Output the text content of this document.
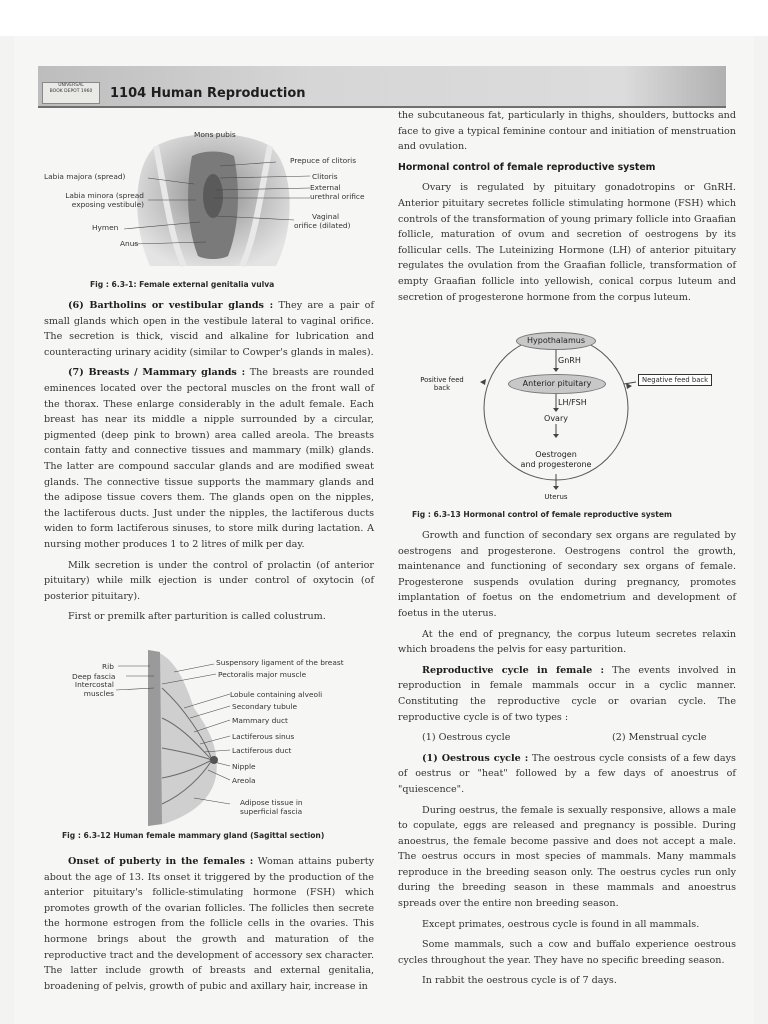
UNIVERSAL
BOOK DEPOT 1960	1104 Human Reproduction
Mons pubis
Labia majora (spread)
Labia minora (spread
exposing vestibule)
Hymen
Anus
Prepuce of clitoris
Clitoris
External
urethral orifice
Vaginal
orifice (dilated)
Fig : 6.3-1: Female external genitalia vulva

(6) Bartholins or vestibular glands : They are a pair of small glands which open in the vestibule lateral to vaginal orifice. The secretion is thick, viscid and alkaline for lubrication and counteracting urinary acidity (similar to Cowper's glands in males).

(7) Breasts / Mammary glands : The breasts are rounded eminences located over the pectoral muscles on the front wall of the thorax. These enlarge considerably in the adult female. Each breast has near its middle a nipple surrounded by a circular, pigmented (deep pink to brown) area called areola. The breasts contain fatty and connective tissues and mammary (milk) glands. The latter are compound saccular glands and are modified sweat glands. The connective tissue supports the mammary glands and the adipose tissue covers them. The glands open on the nipples, the lactiferous ducts. Just under the nipples, the lactiferous ducts widen to form lactiferous sinuses, to store milk during lactation. A nursing mother produces 1 to 2 litres of milk per day.

Milk secretion is under the control of prolactin (of anterior pituitary) while milk ejection is under control of oxytocin (of posterior pituitary).

First or premilk after parturition is called colustrum.

Rib
Deep fascia
Intercostal
muscles
Suspensory ligament of the breast
Pectoralis major muscle
Lobule containing alveoli
Secondary tubule
Mammary duct
Lactiferous sinus
Lactiferous duct
Nipple
Areola
Adipose tissue in
superficial fascia
Fig : 6.3-12 Human female mammary gland (Sagittal section)

Onset of puberty in the females : Woman attains puberty about the age of 13. Its onset it triggered by the production of the anterior pituitary's follicle-stimulating hormone (FSH) which promotes growth of the ovarian follicles. The follicles then secrete the hormone estrogen from the follicle cells in the ovaries. This hormone brings about the growth and maturation of the reproductive tract and the development of accessory sex character. The latter include growth of breasts and external genitalia, broadening of pelvis, growth of pubic and axillary hair, increase in

the subcutaneous fat, particularly in thighs, shoulders, buttocks and face to give a typical feminine contour and initiation of menstruation and ovulation.

Hormonal control of female reproductive system

Ovary is regulated by pituitary gonadotropins or GnRH. Anterior pituitary secretes follicle stimulating hormone (FSH) which controls of the transformation of young primary follicle into Graafian follicle, maturation of ovum and secretion of oestrogens by its follicular cells. The Luteinizing Hormone (LH) of anterior pituitary regulates the ovulation from the Graafian follicle, transformation of empty Graafian follicle into yellowish, conical corpus luteum and secretion of progesterone hormone from the corpus luteum.

Hypothalamus
GnRH
Anterior pituitary
LH/FSH
Ovary
Oestrogen
and progesterone
Uterus
Positive feed
back
Negative feed back
Fig : 6.3-13 Hormonal control of female reproductive system

Growth and function of secondary sex organs are regulated by oestrogens and progesterone. Oestrogens control the growth, maintenance and functioning of secondary sex organs of female. Progesterone suspends ovulation during pregnancy, promotes implantation of foetus on the endometrium and development of foetus in the uterus.

At the end of pregnancy, the corpus luteum secretes relaxin which broadens the pelvis for easy parturition.

Reproductive cycle in female : The events involved in reproduction in female mammals occur in a cyclic manner. Constituting the reproductive cycle or ovarian cycle. The reproductive cycle is of two types :

(1) Oestrous cycle	(2) Menstrual cycle

(1) Oestrous cycle : The oestrous cycle consists of a few days of oestrus or "heat" followed by a few days of anoestrus of "quiescence".

During oestrus, the female is sexually responsive, allows a male to copulate, eggs are released and pregnancy is possible. During anoestrus, the female become passive and does not accept a male. The oestrus occurs in most species of mammals. Many mammals reproduce in the breeding season only. The oestrus cycles run only during the breeding season in these mammals and anoestrus spreads over the entire non breeding season.

Except primates, oestrous cycle is found in all mammals.

Some mammals, such a cow and buffalo experience oestrous cycles throughout the year. They have no specific breeding season.

In rabbit the oestrous cycle is of 7 days.
